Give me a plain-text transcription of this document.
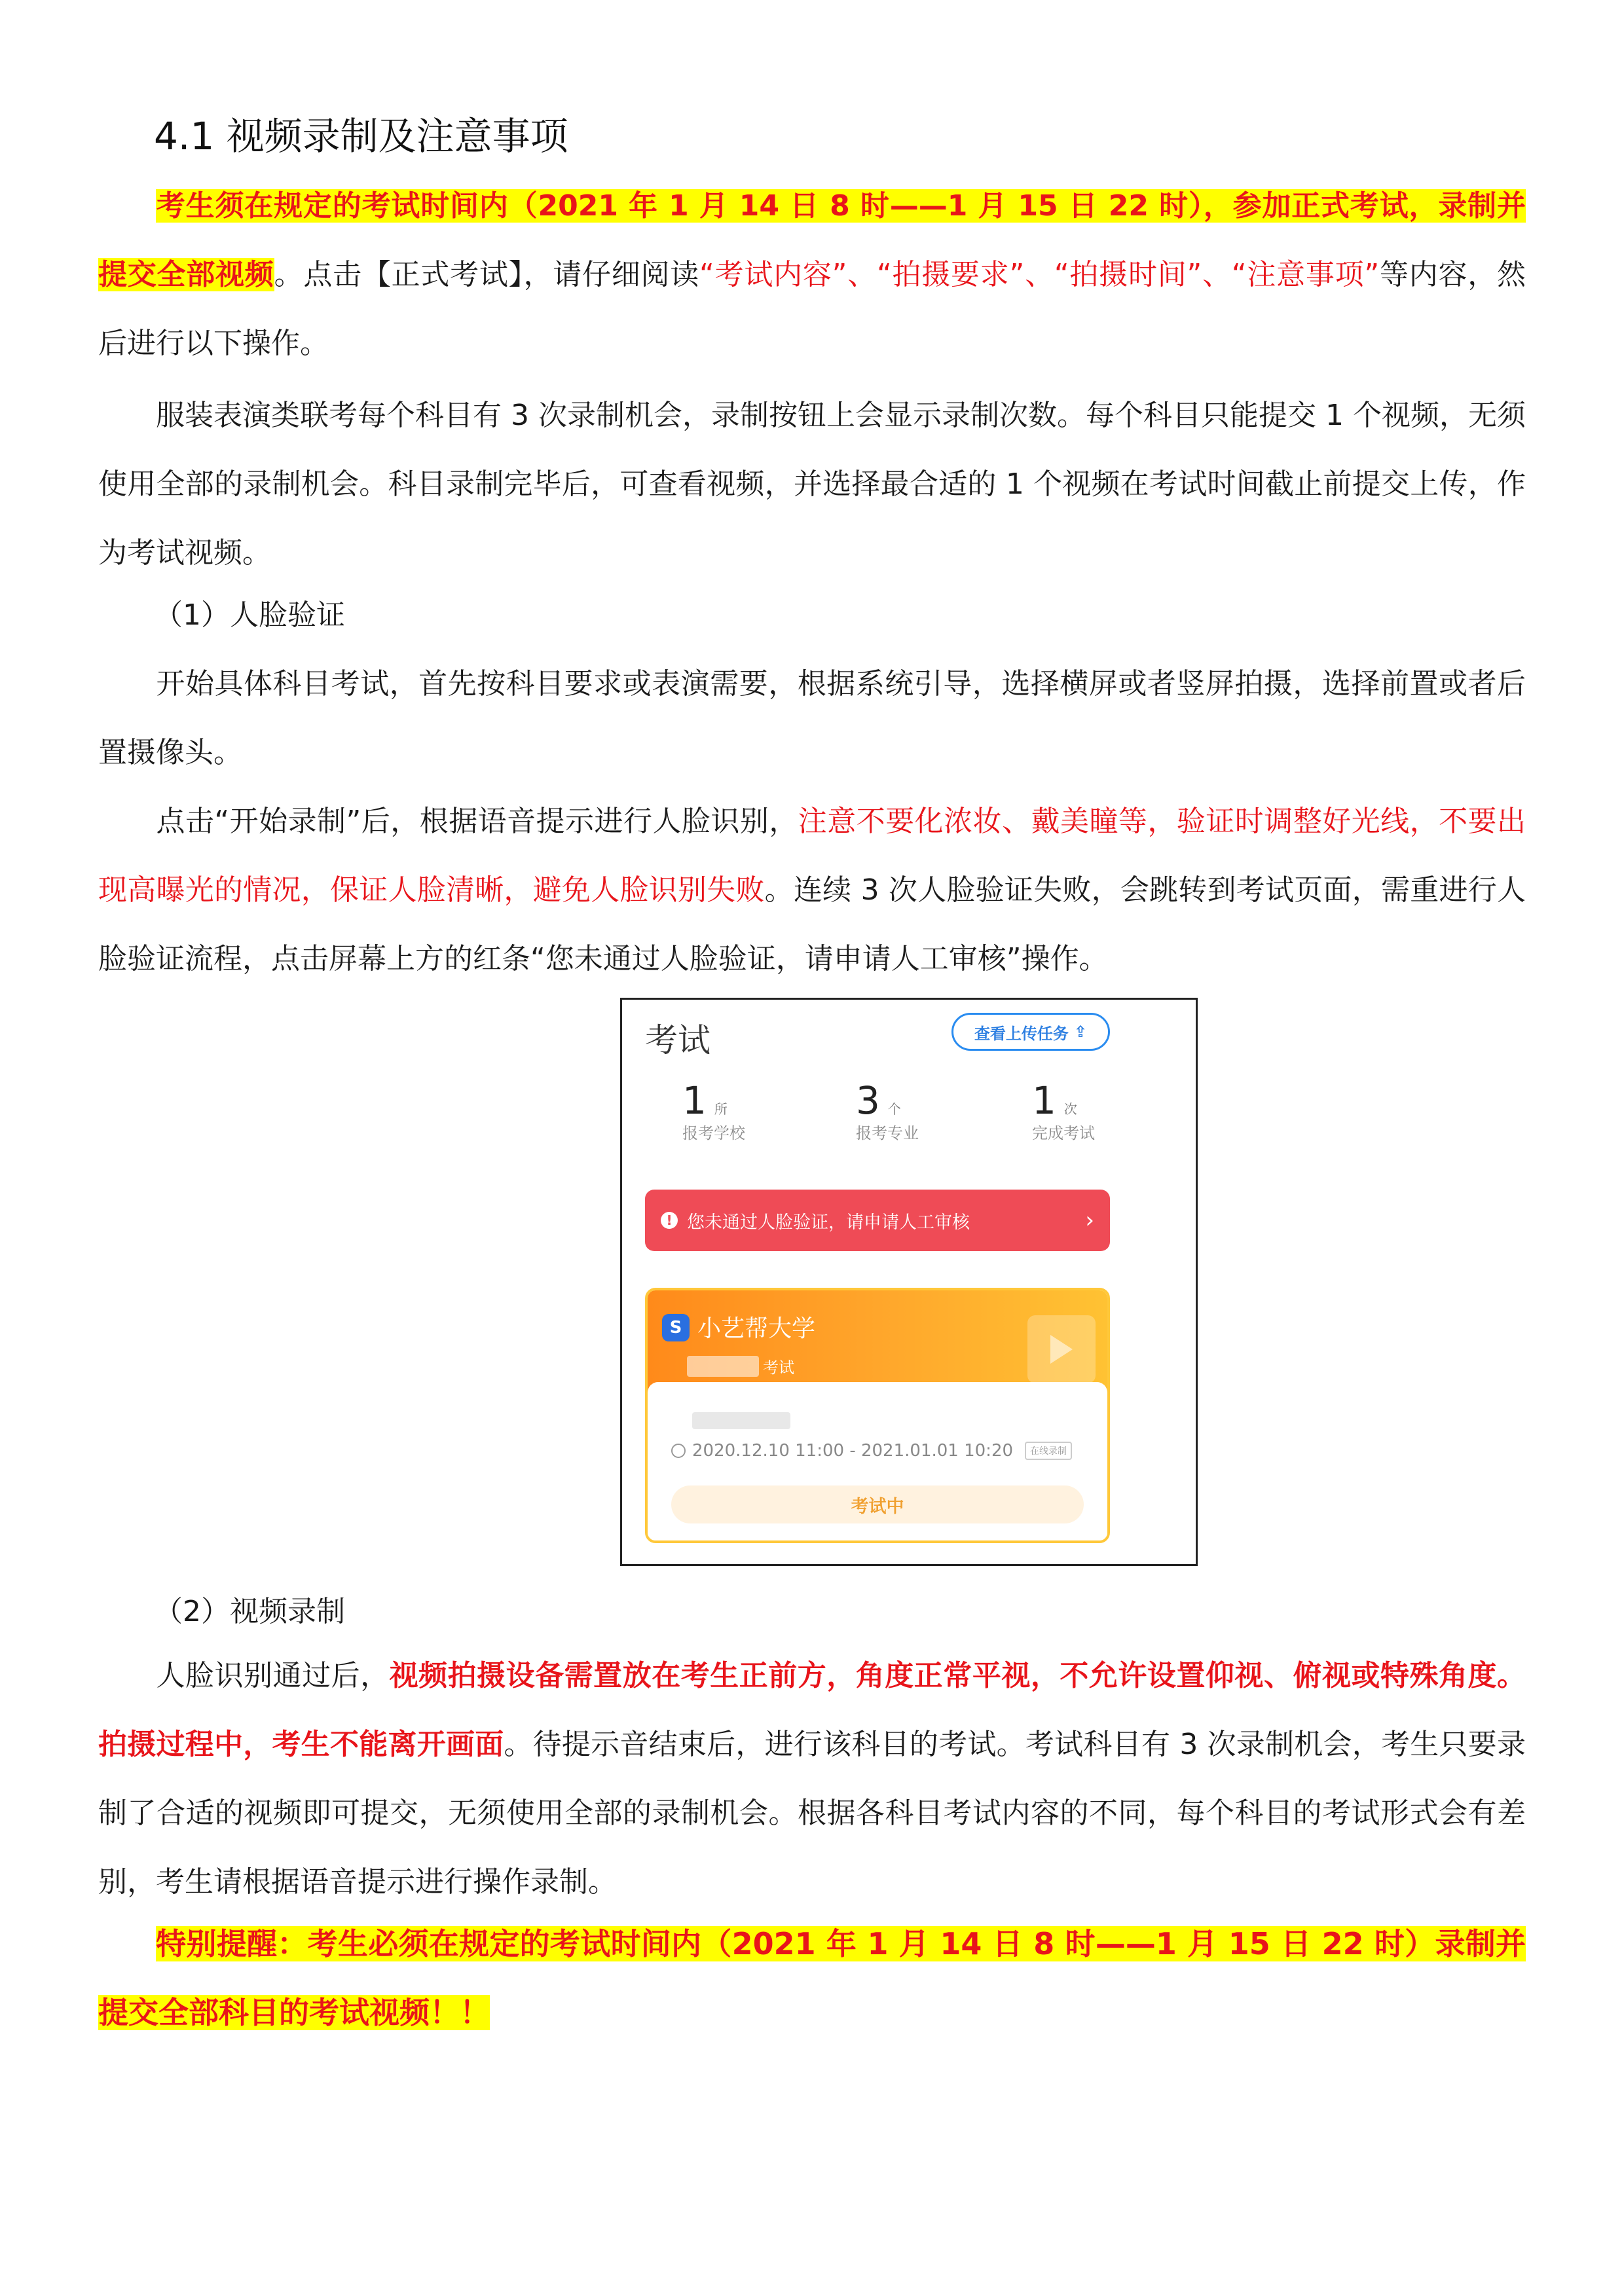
4.1 视频录制及注意事项

考生须在规定的考试时间内（2021 年 1 月 14 日 8 时——1 月 15 日 22 时），参加正式考试，录制并提交全部视频。点击【正式考试】，请仔细阅读“考试内容”、“拍摄要求”、“拍摄时间”、“注意事项”等内容，然后进行以下操作。

服装表演类联考每个科目有 3 次录制机会，录制按钮上会显示录制次数。每个科目只能提交 1 个视频，无须使用全部的录制机会。科目录制完毕后，可查看视频，并选择最合适的 1 个视频在考试时间截止前提交上传，作为考试视频。

（1）人脸验证

开始具体科目考试，首先按科目要求或表演需要，根据系统引导，选择横屏或者竖屏拍摄，选择前置或者后置摄像头。

点击“开始录制”后，根据语音提示进行人脸识别，注意不要化浓妆、戴美瞳等，验证时调整好光线，不要出现高曝光的情况，保证人脸清晰，避免人脸识别失败。连续 3 次人脸验证失败，会跳转到考试页面，需重进行人脸验证流程，点击屏幕上方的红条“您未通过人脸验证，请申请人工审核”操作。

考试	查看上传任务 ⇪
1 所
报考学校
3 个
报考专业
1 次
完成考试
! 您未通过人脸验证，请申请人工审核	›
S 小艺帮大学
考试
2020.12.10 11:00 - 2021.01.01 10:20	在线录制
考试中
（2）视频录制

人脸识别通过后，视频拍摄设备需置放在考生正前方，角度正常平视，不允许设置仰视、俯视或特殊角度。拍摄过程中，考生不能离开画面。待提示音结束后，进行该科目的考试。考试科目有 3 次录制机会，考生只要录制了合适的视频即可提交，无须使用全部的录制机会。根据各科目考试内容的不同，每个科目的考试形式会有差别，考生请根据语音提示进行操作录制。

特别提醒：考生必须在规定的考试时间内（2021 年 1 月 14 日 8 时——1 月 15 日 22 时）录制并提交全部科目的考试视频！！
